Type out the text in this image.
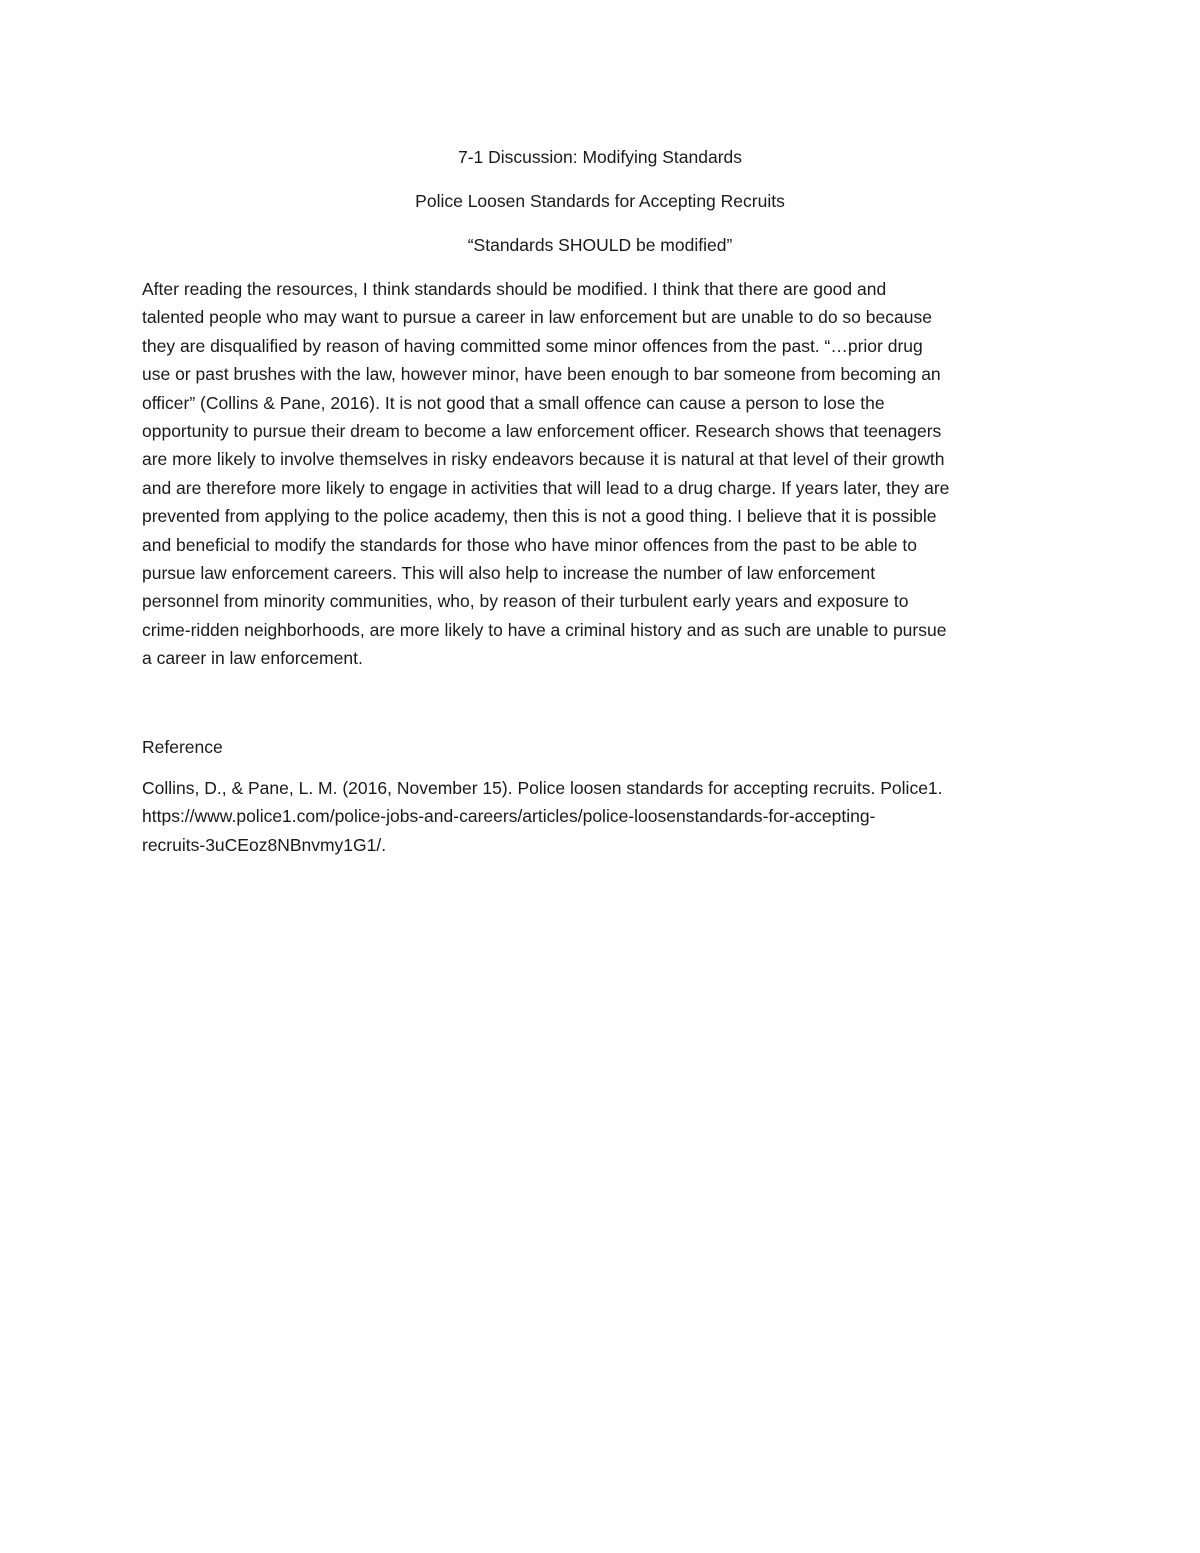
7-1 Discussion: Modifying Standards
Police Loosen Standards for Accepting Recruits
“Standards SHOULD be modified”
After reading the resources, I think standards should be modified. I think that there are good and
talented people who may want to pursue a career in law enforcement but are unable to do so because
they are disqualified by reason of having committed some minor offences from the past. “…prior drug
use or past brushes with the law, however minor, have been enough to bar someone from becoming an
officer” (Collins & Pane, 2016). It is not good that a small offence can cause a person to lose the
opportunity to pursue their dream to become a law enforcement officer. Research shows that teenagers
are more likely to involve themselves in risky endeavors because it is natural at that level of their growth
and are therefore more likely to engage in activities that will lead to a drug charge. If years later, they are
prevented from applying to the police academy, then this is not a good thing. I believe that it is possible
and beneficial to modify the standards for those who have minor offences from the past to be able to
pursue law enforcement careers. This will also help to increase the number of law enforcement
personnel from minority communities, who, by reason of their turbulent early years and exposure to
crime-ridden neighborhoods, are more likely to have a criminal history and as such are unable to pursue
a career in law enforcement.
Reference
Collins, D., & Pane, L. M. (2016, November 15). Police loosen standards for accepting recruits. Police1.
https://www.police1.com/police-jobs-and-careers/articles/police-loosenstandards-for-accepting-
recruits-3uCEoz8NBnvmy1G1/.
